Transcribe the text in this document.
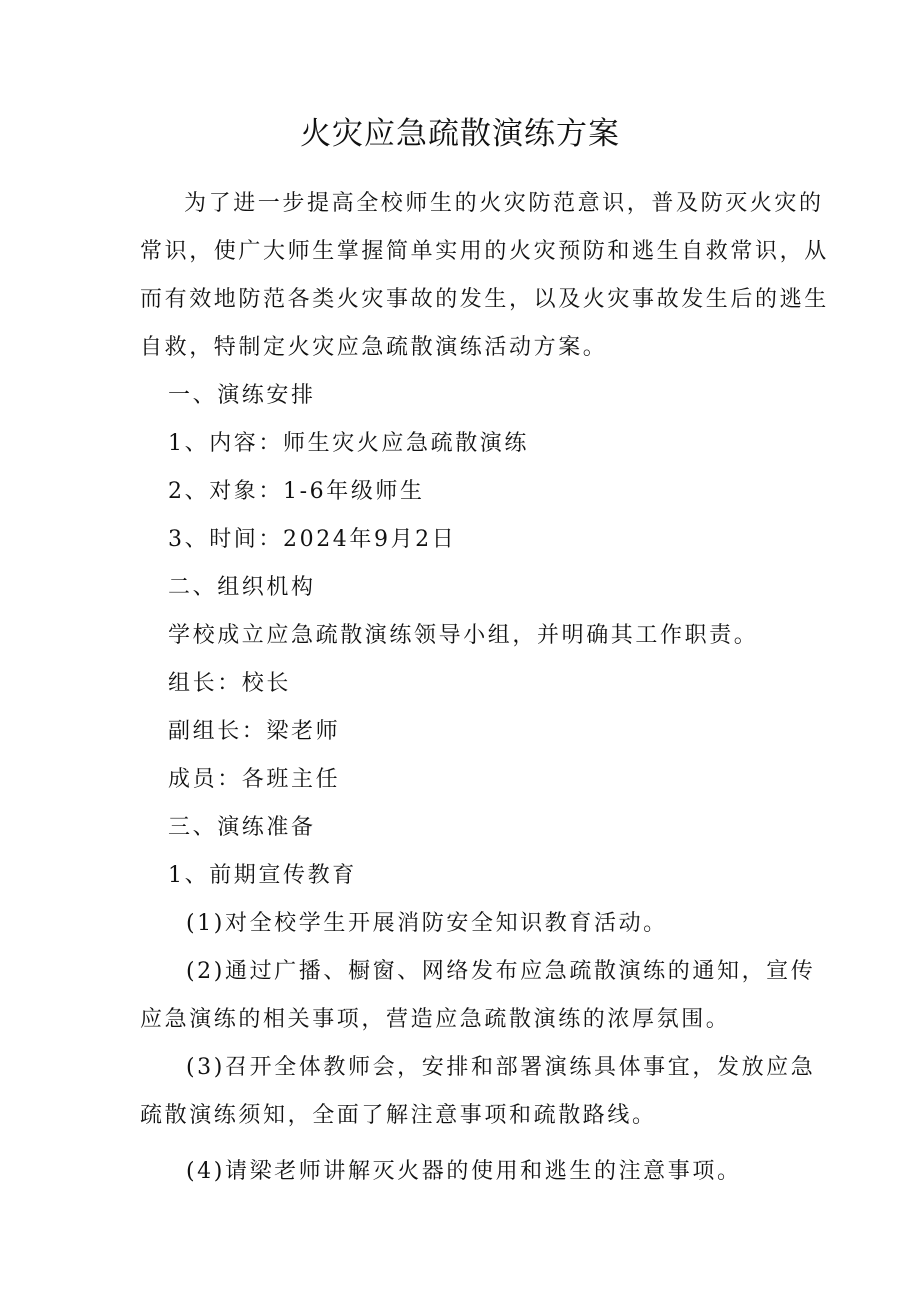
火灾应急疏散演练方案
为了进一步提高全校师生的火灾防范意识，普及防灭火灾的
常识，使广大师生掌握简单实用的火灾预防和逃生自救常识，从
而有效地防范各类火灾事故的发生，以及火灾事故发生后的逃生
自救，特制定火灾应急疏散演练活动方案。
一、演练安排
1、内容：师生灾火应急疏散演练
2、对象：1-6年级师生
3、时间：2024年9月2日
二、组织机构
学校成立应急疏散演练领导小组，并明确其工作职责。
组长：校长
副组长：梁老师
成员：各班主任
三、演练准备
1、前期宣传教育
(1)对全校学生开展消防安全知识教育活动。
(2)通过广播、橱窗、网络发布应急疏散演练的通知，宣传
应急演练的相关事项，营造应急疏散演练的浓厚氛围。
(3)召开全体教师会，安排和部署演练具体事宜，发放应急
疏散演练须知，全面了解注意事项和疏散路线。
(4)请梁老师讲解灭火器的使用和逃生的注意事项。
